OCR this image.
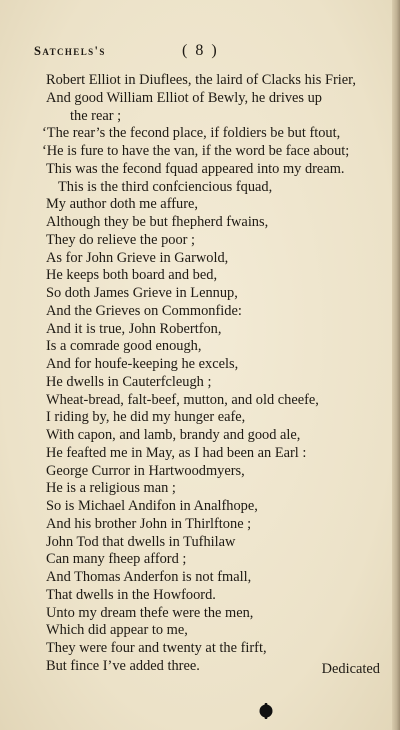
Satchels's	( 8 )
Robert Elliot in Diuflees, the laird of Clacks his Frier,
And good William Elliot of Bewly, he drives up
the rear ;
‘The rear’s the fecond place, if foldiers be but ftout,
‘He is fure to have the van, if the word be face about;
This was the fecond fquad appeared into my dream.
This is the third confciencious fquad,
My author doth me affure,
Although they be but fhepherd fwains,
They do relieve the poor ;
As for John Grieve in Garwold,
He keeps both board and bed,
So doth James Grieve in Lennup,
And the Grieves on Commonfide:
And it is true, John Robertfon,
Is a comrade good enough,
And for houfe-keeping he excels,
He dwells in Cauterfcleugh ;
Wheat-bread, falt-beef, mutton, and old cheefe,
I riding by, he did my hunger eafe,
With capon, and lamb, brandy and good ale,
He feafted me in May, as I had been an Earl :
George Curror in Hartwoodmyers,
He is a religious man ;
So is Michael Andifon in Analfhope,
And his brother John in Thirlftone ;
John Tod that dwells in Tufhilaw
Can many fheep afford ;
And Thomas Anderfon is not fmall,
That dwells in the Howfoord.
Unto my dream thefe were the men,
Which did appear to me,
They were four and twenty at the firft,
But fince I’ve added three.	Dedicated
